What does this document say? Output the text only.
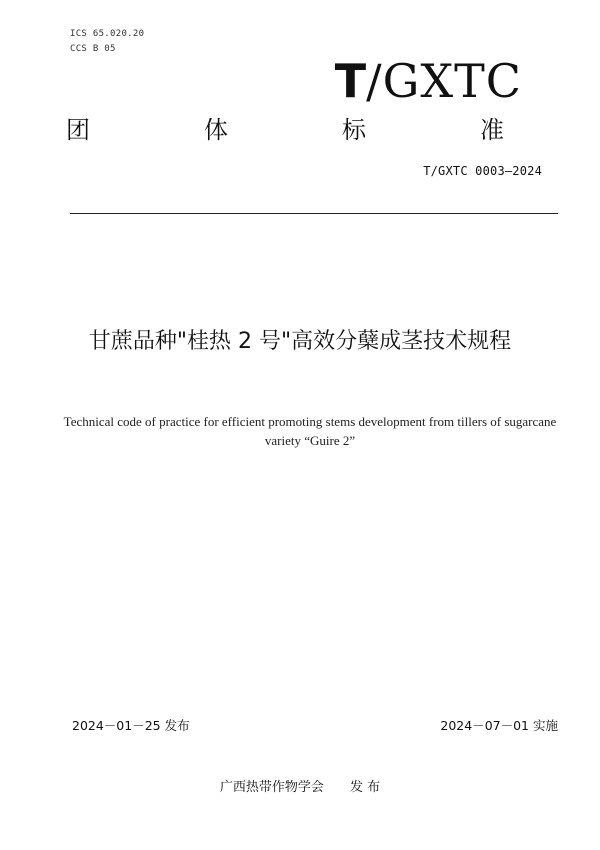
ICS 65.020.20
CCS B 05
T/GXTC
团	体	标	准
T/GXTC 0003—2024
甘蔗品种"桂热 2 号"高效分蘖成茎技术规程
Technical code of practice for efficient promoting stems development from tillers of sugarcane variety “Guire 2”
2024－01－25 发布	2024－07－01 实施
广西热带作物学会 发 布
